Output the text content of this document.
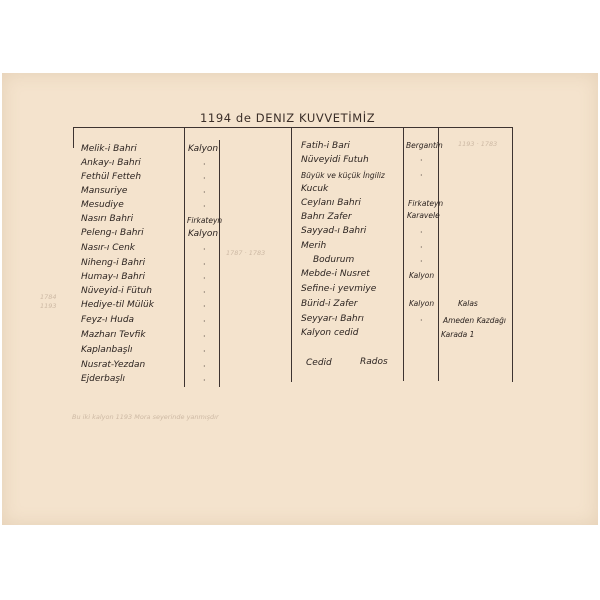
1194 de DENIZ KUVVETİMİZ
Melik-i Bahri
Ankay-ı Bahri
Fethül Fetteh
Mansuriye
Mesudiye
Nasırı Bahri
Peleng-ı Bahri
Nasır-ı Cenk
Niheng-i Bahri
Humay-ı Bahri
Nüveyid-i Fütuh
Hediye-til Mülük
Feyz-ı Huda
Mazharı Tevfik
Kaplanbaşlı
Nusrat-Yezdan
Ejderbaşlı
Kalyon
Firkateyn
Kalyon
·
·
·
·
·
·
·
·
·
·
·
·
·
·
Fatih-i Bari
Nüveyidi Futuh
Büyük ve küçük İngiliz
Kucuk
Ceylanı Bahri
Bahrı Zafer
Sayyad-ı Bahri
Merih
Bodurum
Mebde-i Nusret
Sefine-i yevmiye
Bürid-i Zafer
Seyyar-ı Bahrı
Kalyon cedid
Cedid	Rados
Bergantin
Firkateyn
Karavele
Kalyon
Kalyon
·
·
·
·
·
·
Kalas
Ameden Kazdağı
Karada 1
1193 · 1783
1784
1193
1787 · 1783
Bu iki kalyon 1193 Mora seyerinde yanmışdır
